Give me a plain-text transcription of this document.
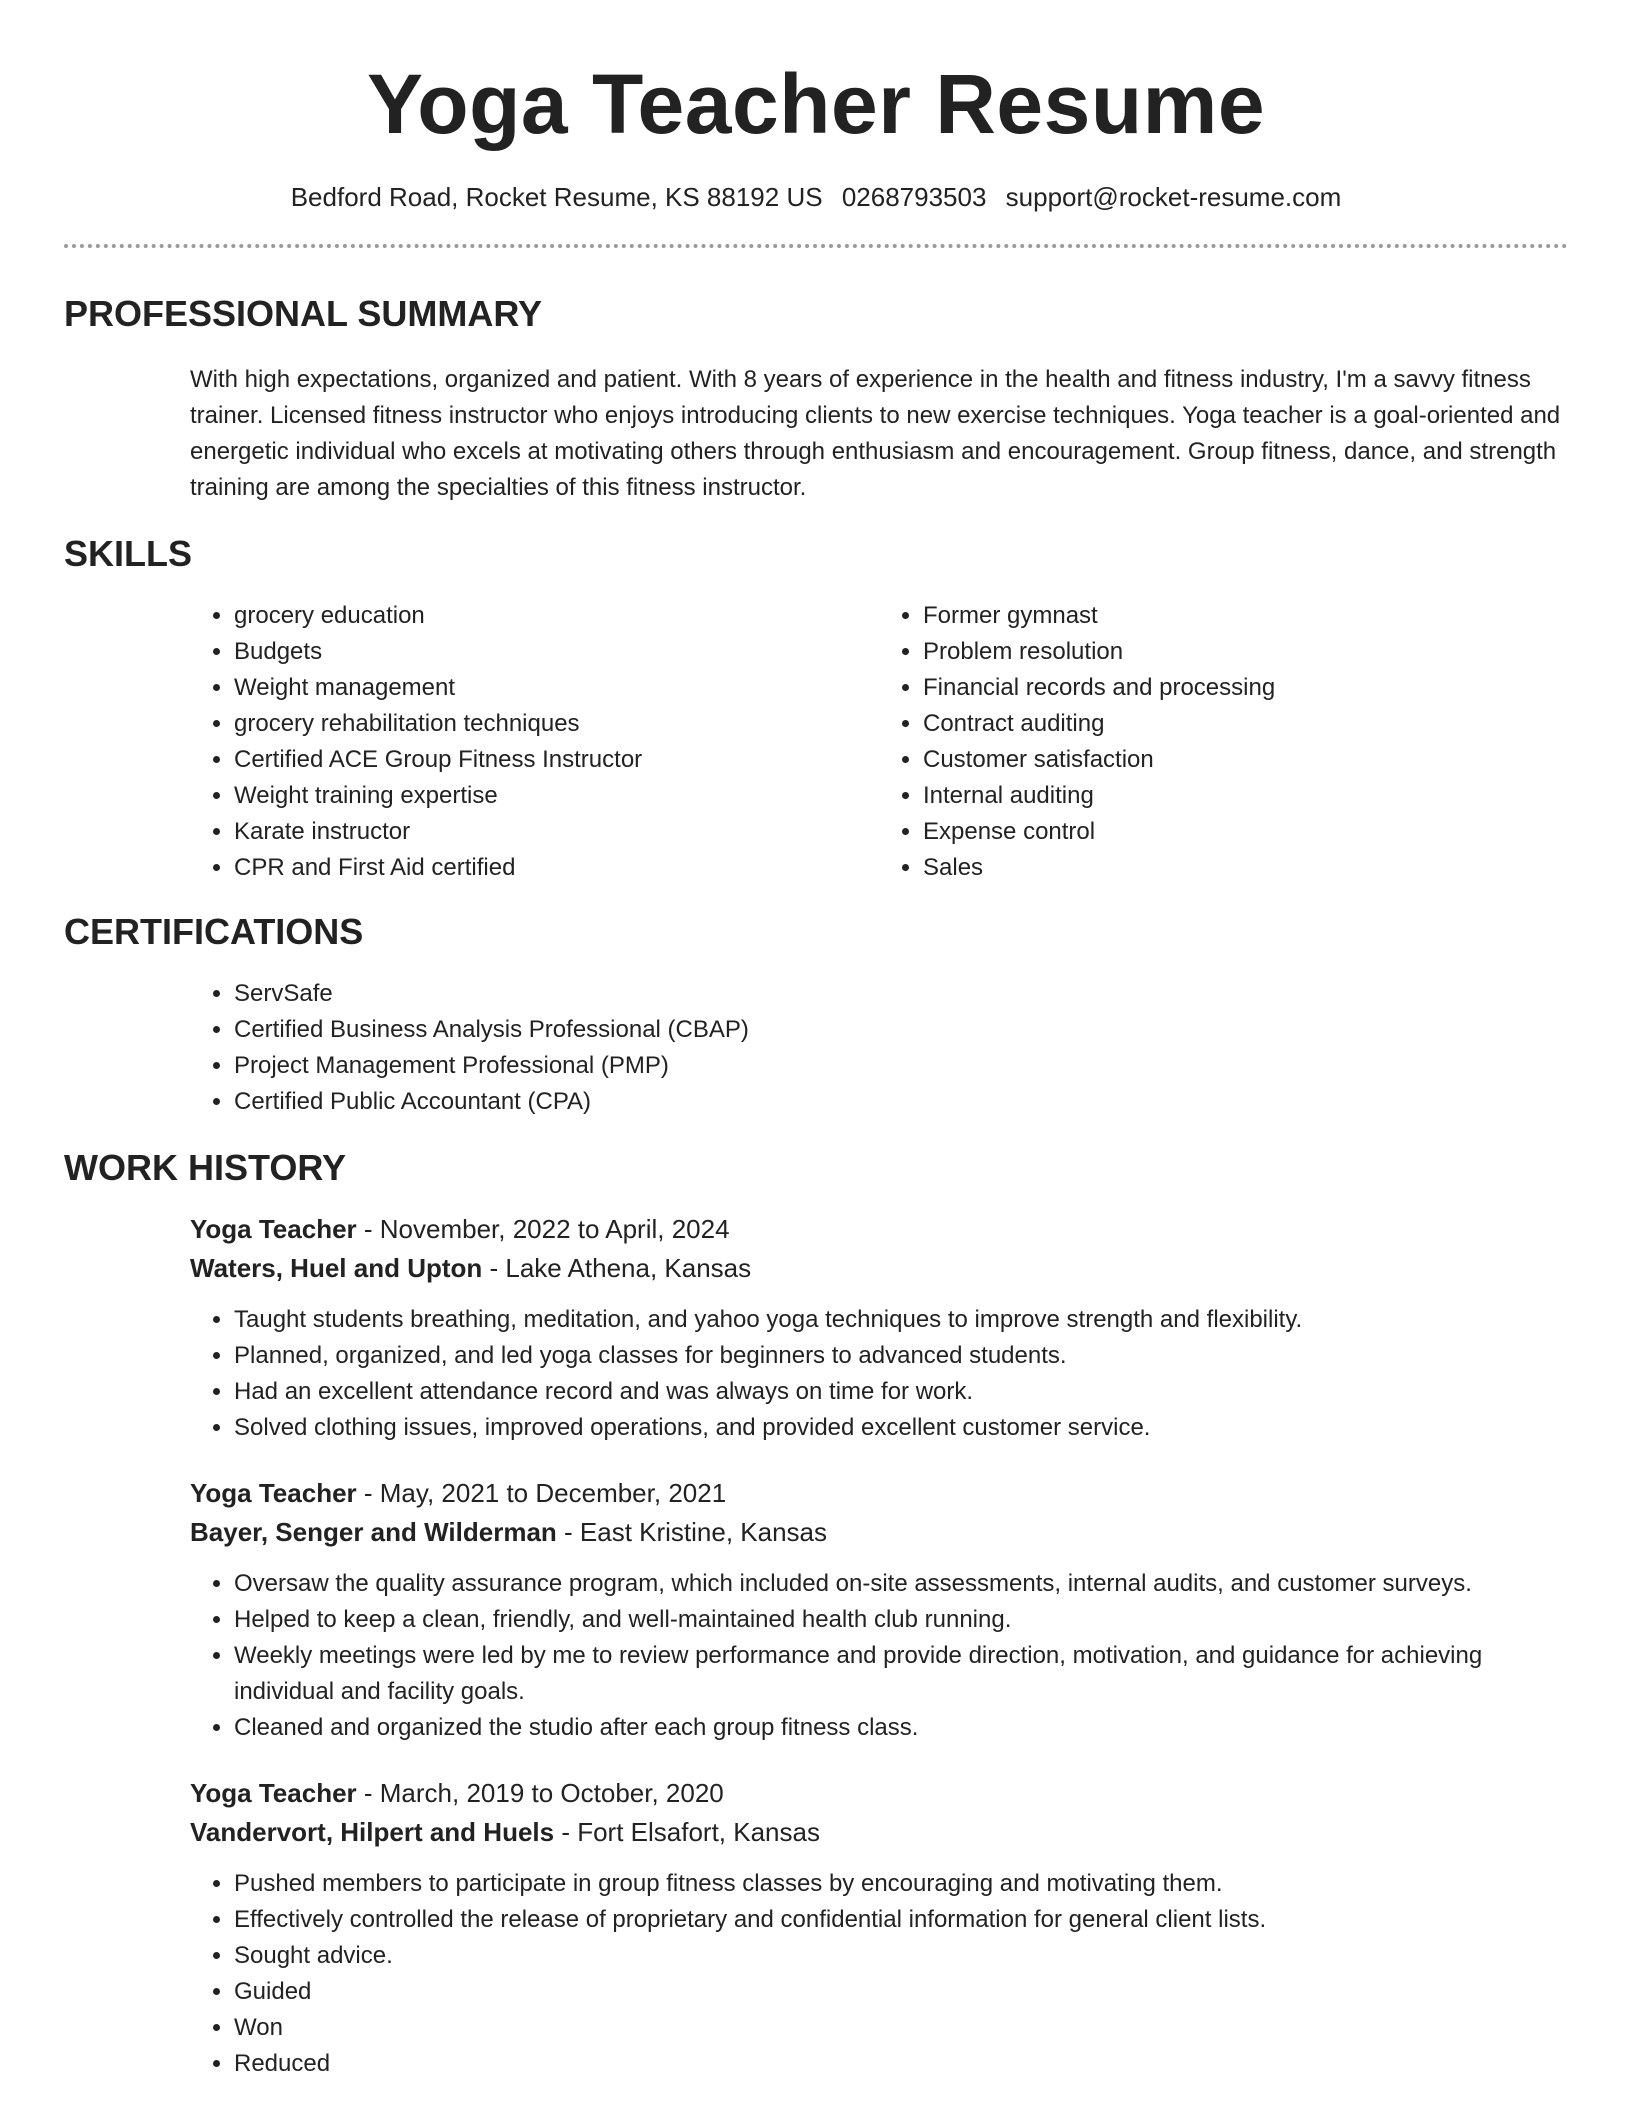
Yoga Teacher Resume
Bedford Road, Rocket Resume, KS 88192 US 0268793503 support@rocket-resume.com
PROFESSIONAL SUMMARY

With high expectations, organized and patient. With 8 years of experience in the health and fitness industry, I'm a savvy fitness trainer. Licensed fitness instructor who enjoys introducing clients to new exercise techniques. Yoga teacher is a goal-oriented and energetic individual who excels at motivating others through enthusiasm and encouragement. Group fitness, dance, and strength training are among the specialties of this fitness instructor.

SKILLS
• grocery education
• Budgets
• Weight management
• grocery rehabilitation techniques
• Certified ACE Group Fitness Instructor
• Weight training expertise
• Karate instructor
• CPR and First Aid certified
• Former gymnast
• Problem resolution
• Financial records and processing
• Contract auditing
• Customer satisfaction
• Internal auditing
• Expense control
• Sales
CERTIFICATIONS
• ServSafe
• Certified Business Analysis Professional (CBAP)
• Project Management Professional (PMP)
• Certified Public Accountant (CPA)
WORK HISTORY
Yoga Teacher - November, 2022 to April, 2024
Waters, Huel and Upton - Lake Athena, Kansas
• Taught students breathing, meditation, and yahoo yoga techniques to improve strength and flexibility.
• Planned, organized, and led yoga classes for beginners to advanced students.
• Had an excellent attendance record and was always on time for work.
• Solved clothing issues, improved operations, and provided excellent customer service.
Yoga Teacher - May, 2021 to December, 2021
Bayer, Senger and Wilderman - East Kristine, Kansas
• Oversaw the quality assurance program, which included on-site assessments, internal audits, and customer surveys.
• Helped to keep a clean, friendly, and well-maintained health club running.
• Weekly meetings were led by me to review performance and provide direction, motivation, and guidance for achieving individual and facility goals.
• Cleaned and organized the studio after each group fitness class.
Yoga Teacher - March, 2019 to October, 2020
Vandervort, Hilpert and Huels - Fort Elsafort, Kansas
• Pushed members to participate in group fitness classes by encouraging and motivating them.
• Effectively controlled the release of proprietary and confidential information for general client lists.
• Sought advice.
• Guided
• Won
• Reduced
